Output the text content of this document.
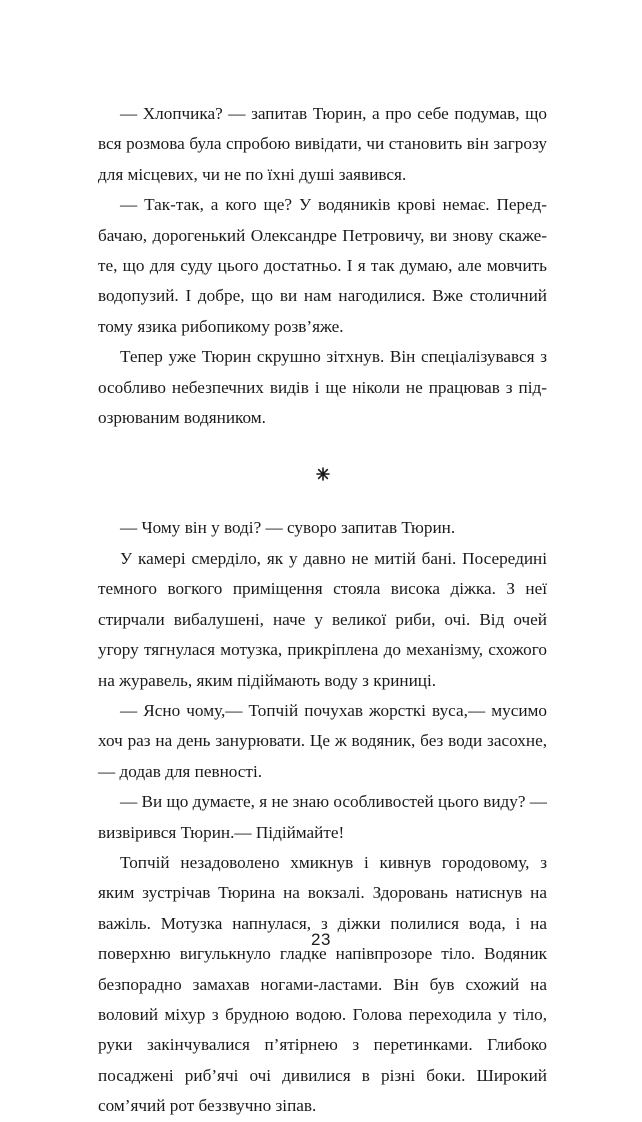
— Хлопчика? — запитав Тюрин, а про себе подумав, що вся розмова була спробою вивідати, чи становить він загрозу для місцевих, чи не по їхні душі заявився.

— Так-так, а кого ще? У водяників крові немає. Передбачаю, дорогенький Олександре Петровичу, ви знову скажете, що для суду цього достатньо. І я так думаю, але мовчить водопузий. І добре, що ви нам нагодилися. Вже столичний тому язика рибопикому розв’яже.

Тепер уже Тюрин скрушно зітхнув. Він спеціалізувався з особливо небезпечних видів і ще ніколи не працював з підозрюваним водяником.

— Чому він у воді? — суворо запитав Тюрин.

У камері смерділо, як у давно не митій бані. Посередині темного вогкого приміщення стояла висока діжка. З неї стирчали вибалушені, наче у великої риби, очі. Від очей угору тягнулася мотузка, прикріплена до механізму, схожого на журавель, яким підіймають воду з криниці.

— Ясно чому,— Топчій почухав жорсткі вуса,— мусимо хоч раз на день занурювати. Це ж водяник, без води засохне,— додав для певності.

— Ви що думаєте, я не знаю особливостей цього виду? — визвірився Тюрин.— Підіймайте!

Топчій незадоволено хмикнув і кивнув городовому, з яким зустрічав Тюрина на вокзалі. Здоровань натиснув на важіль. Мотузка напнулася, з діжки полилися вода, і на поверхню вигулькнуло гладке напівпрозоре тіло. Водяник безпорадно замахав ногами-ластами. Він був схожий на воловий міхур з брудною водою. Голова переходила у тіло, руки закінчувалися п’ятірнею з перетинками. Глибоко посаджені риб’ячі очі дивилися в різні боки. Широкий сом’ячий рот беззвучно зіпав.

23
